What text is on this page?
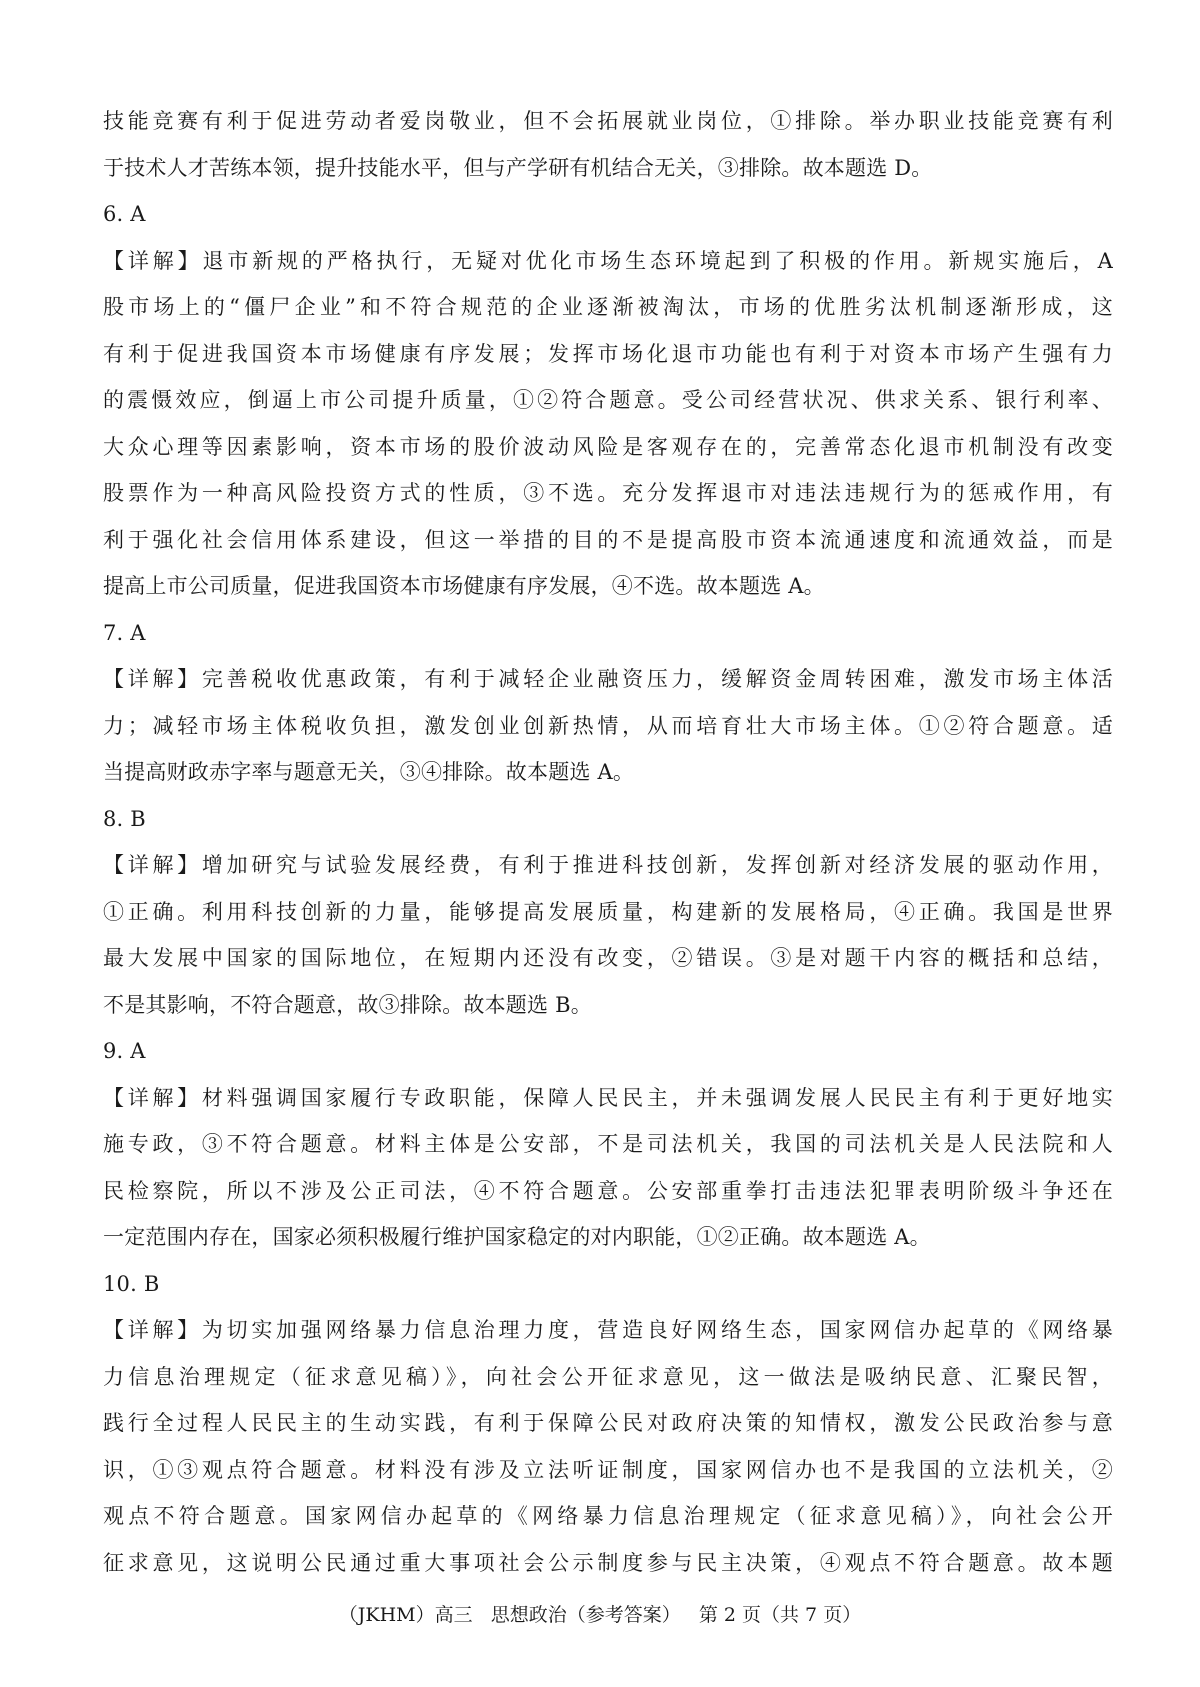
技能竞赛有利于促进劳动者爱岗敬业，但不会拓展就业岗位，①排除。举办职业技能竞赛有利
于技术人才苦练本领，提升技能水平，但与产学研有机结合无关，③排除。故本题选 D。
6. A
【详解】退市新规的严格执行，无疑对优化市场生态环境起到了积极的作用。新规实施后，A
股市场上的“僵尸企业”和不符合规范的企业逐渐被淘汰，市场的优胜劣汰机制逐渐形成，这
有利于促进我国资本市场健康有序发展；发挥市场化退市功能也有利于对资本市场产生强有力
的震慑效应，倒逼上市公司提升质量，①②符合题意。受公司经营状况、供求关系、银行利率、
大众心理等因素影响，资本市场的股价波动风险是客观存在的，完善常态化退市机制没有改变
股票作为一种高风险投资方式的性质，③不选。充分发挥退市对违法违规行为的惩戒作用，有
利于强化社会信用体系建设，但这一举措的目的不是提高股市资本流通速度和流通效益，而是
提高上市公司质量，促进我国资本市场健康有序发展，④不选。故本题选 A。
7. A
【详解】完善税收优惠政策，有利于减轻企业融资压力，缓解资金周转困难，激发市场主体活
力；减轻市场主体税收负担，激发创业创新热情，从而培育壮大市场主体。①②符合题意。适
当提高财政赤字率与题意无关，③④排除。故本题选 A。
8. B
【详解】增加研究与试验发展经费，有利于推进科技创新，发挥创新对经济发展的驱动作用，
①正确。利用科技创新的力量，能够提高发展质量，构建新的发展格局，④正确。我国是世界
最大发展中国家的国际地位，在短期内还没有改变，②错误。③是对题干内容的概括和总结，
不是其影响，不符合题意，故③排除。故本题选 B。
9. A
【详解】材料强调国家履行专政职能，保障人民民主，并未强调发展人民民主有利于更好地实
施专政，③不符合题意。材料主体是公安部，不是司法机关，我国的司法机关是人民法院和人
民检察院，所以不涉及公正司法，④不符合题意。公安部重拳打击违法犯罪表明阶级斗争还在
一定范围内存在，国家必须积极履行维护国家稳定的对内职能，①②正确。故本题选 A。
10. B
【详解】为切实加强网络暴力信息治理力度，营造良好网络生态，国家网信办起草的《网络暴
力信息治理规定（征求意见稿）》，向社会公开征求意见，这一做法是吸纳民意、汇聚民智，
践行全过程人民民主的生动实践，有利于保障公民对政府决策的知情权，激发公民政治参与意
识，①③观点符合题意。材料没有涉及立法听证制度，国家网信办也不是我国的立法机关，②
观点不符合题意。国家网信办起草的《网络暴力信息治理规定（征求意见稿）》，向社会公开
征求意见，这说明公民通过重大事项社会公示制度参与民主决策，④观点不符合题意。故本题
（JKHM）高三   思想政治（参考答案）   第 2 页（共 7 页）
